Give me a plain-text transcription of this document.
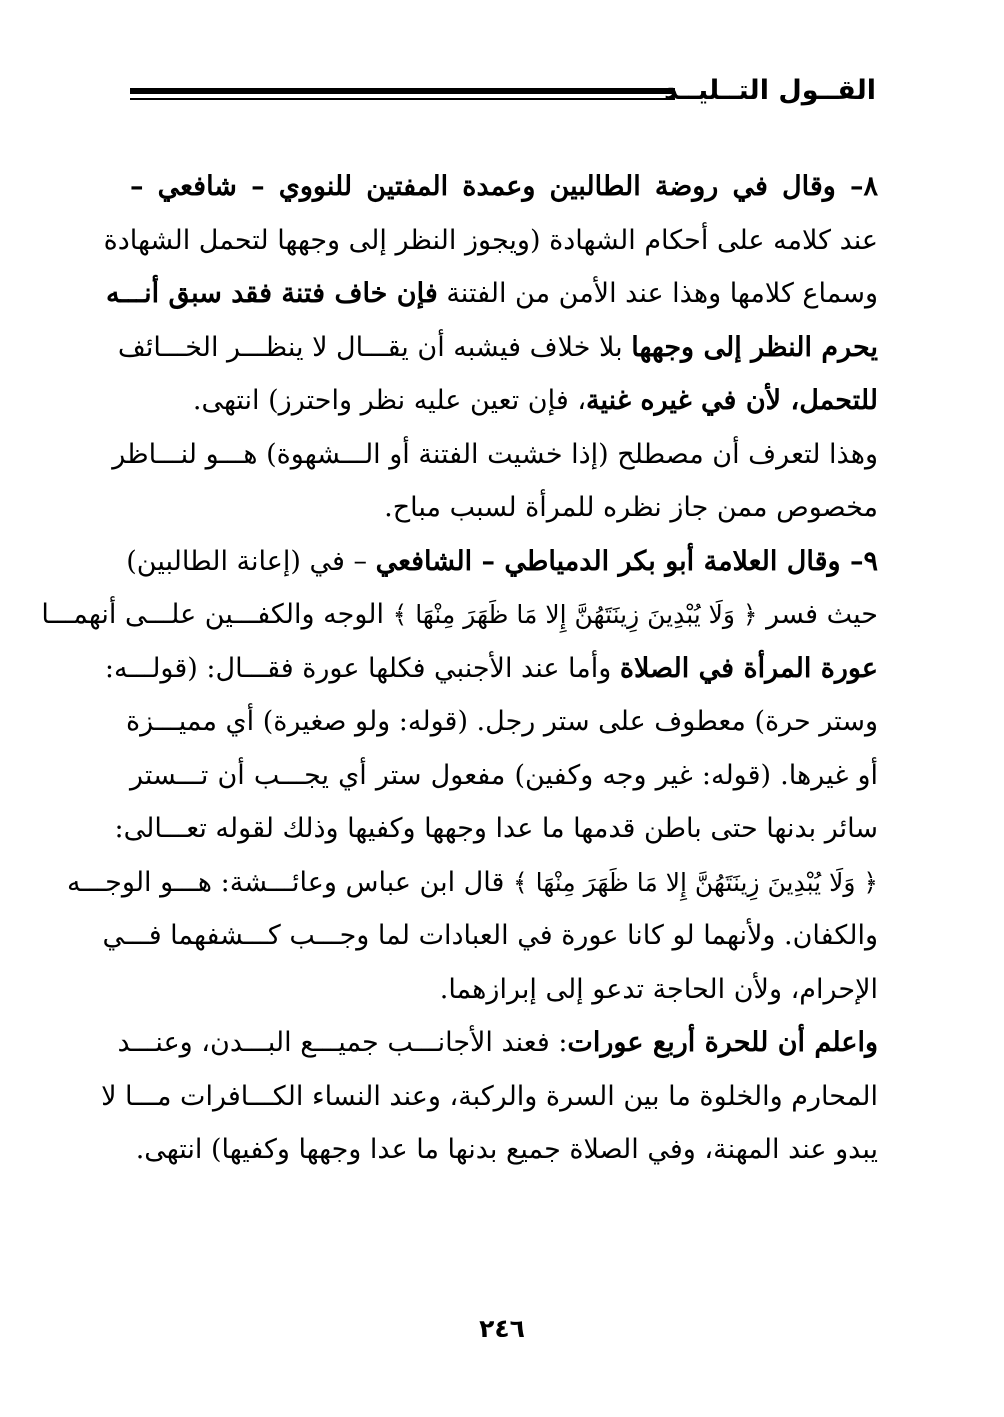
القــول التــليــد
٨– وقال في روضة الطالبين وعمدة المفتين للنووي – شافعي –
عند كلامه على أحكام الشهادة (ويجوز النظر إلى وجهها لتحمل الشهادة
وسماع كلامها وهذا عند الأمن من الفتنة فإن خاف فتنة فقد سبق أنـــه
يحرم النظر إلى وجهها بلا خلاف فيشبه أن يقـــال لا ينظـــر الخـــائف
للتحمل، لأن في غيره غنية، فإن تعين عليه نظر واحترز) انتهى.
وهذا لتعرف أن مصطلح (إذا خشيت الفتنة أو الـــشهوة) هـــو لنـــاظر
مخصوص ممن جاز نظره للمرأة لسبب مباح.
٩– وقال العلامة أبو بكر الدمياطي – الشافعي – في (إعانة الطالبين)
حيث فسر ﴿ وَلَا يُبْدِينَ زِينَتَهُنَّ إِلا مَا ظَهَرَ مِنْهَا ﴾ الوجه والكفـــين علـــى أنهمـــا
عورة المرأة في الصلاة وأما عند الأجنبي فكلها عورة فقـــال: (قولـــه:
وستر حرة) معطوف على ستر رجل. (قوله: ولو صغيرة) أي مميـــزة
أو غيرها. (قوله: غير وجه وكفين) مفعول ستر أي يجـــب أن تـــستر
سائر بدنها حتى باطن قدمها ما عدا وجهها وكفيها وذلك لقوله تعـــالى:
﴿ وَلَا يُبْدِينَ زِينَتَهُنَّ إِلا مَا ظَهَرَ مِنْهَا ﴾ قال ابن عباس وعائـــشة: هـــو الوجـــه
والكفان. ولأنهما لو كانا عورة في العبادات لما وجـــب كـــشفهما فـــي
الإحرام، ولأن الحاجة تدعو إلى إبرازهما.
واعلم أن للحرة أربع عورات: فعند الأجانـــب جميـــع البـــدن، وعنـــد
المحارم والخلوة ما بين السرة والركبة، وعند النساء الكـــافرات مـــا لا
يبدو عند المهنة، وفي الصلاة جميع بدنها ما عدا وجهها وكفيها) انتهى.
٢٤٦
